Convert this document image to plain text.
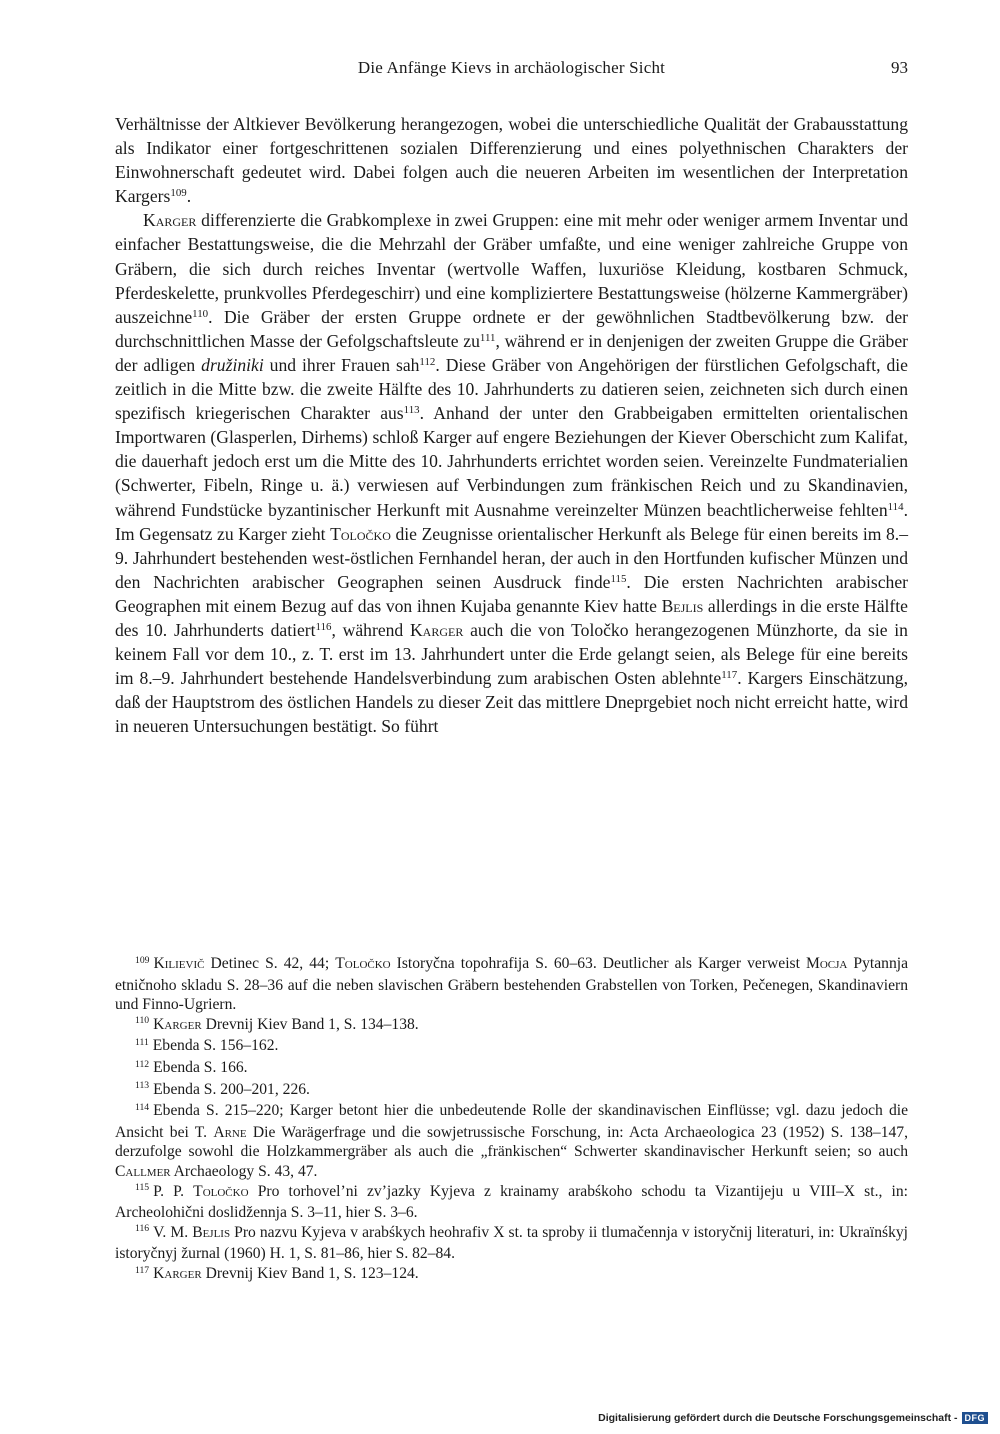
Die Anfänge Kievs in archäologischer Sicht	93

Verhältnisse der Altkiever Bevölkerung herangezogen, wobei die unterschiedliche Qualität der Grabausstattung als Indikator einer fortgeschrittenen sozialen Differenzierung und eines polyethnischen Charakters der Einwohnerschaft gedeutet wird. Dabei folgen auch die neueren Arbeiten im wesentlichen der Interpretation Kargers$^{109}$.

Karger differenzierte die Grabkomplexe in zwei Gruppen: eine mit mehr oder weniger armem Inventar und einfacher Bestattungsweise, die die Mehrzahl der Gräber umfaßte, und eine weniger zahlreiche Gruppe von Gräbern, die sich durch reiches Inventar (wertvolle Waffen, luxuriöse Kleidung, kostbaren Schmuck, Pferdeskelette, prunkvolles Pferdegeschirr) und eine kompliziertere Bestattungsweise (hölzerne Kammergräber) auszeichne$^{110}$. Die Gräber der ersten Gruppe ordnete er der gewöhnlichen Stadtbevölkerung bzw. der durchschnittlichen Masse der Gefolgschaftsleute $zu^{111}$, während er in denjenigen der zweiten Gruppe die Gräber der adligen družiniki und ihrer Frauen sah$^{112}$. Diese Gräber von Angehörigen der fürstlichen Gefolgschaft, die zeitlich in die Mitte bzw. die zweite Hälfte des 10. Jahrhunderts zu datieren seien, zeichneten sich durch einen spezifisch kriegerischen Charakter aus$^{113}$. Anhand der unter den Grabbeigaben ermittelten orientalischen Importwaren (Glasperlen, Dirhems) schloß Karger auf engere Beziehungen der Kiever Oberschicht zum Kalifat, die dauerhaft jedoch erst um die Mitte des 10. Jahrhunderts errichtet worden seien. Vereinzelte Fundmaterialien (Schwerter, Fibeln, Ringe u. ä.) verwiesen auf Verbindungen zum fränkischen Reich und zu Skandinavien, während Fundstücke byzantinischer Herkunft mit Ausnahme vereinzelter Münzen beachtlicherweise fehlten$^{114}$. Im Gegensatz zu Karger zieht Toločko die Zeugnisse orientalischer Herkunft als Belege für einen bereits im 8.–9. Jahrhundert bestehenden west-östlichen Fernhandel heran, der auch in den Hortfunden kufischer Münzen und den Nachrichten arabischer Geographen seinen Ausdruck finde$^{115}$. Die ersten Nachrichten arabischer Geographen mit einem Bezug auf das von ihnen Kujaba genannte Kiev hatte Bejlis allerdings in die erste Hälfte des 10. Jahrhunderts datiert$^{116}$, während Karger auch die von Toločko herangezogenen Münzhorte, da sie in keinem Fall vor dem 10., z. T. erst im 13. Jahrhundert unter die Erde gelangt seien, als Belege für eine bereits im 8.–9. Jahrhundert bestehende Handelsverbindung zum arabischen Osten ablehnte$^{117}$. Kargers Einschätzung, daß der Hauptstrom des östlichen Handels zu dieser Zeit das mittlere Dneprgebiet noch nicht erreicht hatte, wird in neueren Untersuchungen bestätigt. So führt

$^{109}$ Kilievič Detinec S. 42, 44; Toločko Istoryčna topohrafija S. 60–63. Deutlicher als Karger verweist Mocja Pytannja etničnoho skladu S. 28–36 auf die neben slavischen Gräbern bestehenden Grabstellen von Torken, Pečenegen, Skandinaviern und Finno-Ugriern.

$^{110}$ Karger Drevnij Kiev Band 1, S. 134–138.

$^{111}$ Ebenda S. 156–162.

$^{112}$ Ebenda S. 166.

$^{113}$ Ebenda S. 200–201, 226.

$^{114}$ Ebenda S. 215–220; Karger betont hier die unbedeutende Rolle der skandinavischen Einflüsse; vgl. dazu jedoch die Ansicht bei T. Arne Die Warägerfrage und die sowjetrussische Forschung, in: Acta Archaeologica 23 (1952) S. 138–147, derzufolge sowohl die Holzkammergräber als auch die „fränkischen“ Schwerter skandinavischer Herkunft seien; so auch Callmer Archaeology S. 43, 47.

$^{115}$ P. P. Toločko Pro torhovel’ni zv’jazky Kyjeva z krainamy arabśkoho schodu ta Vizantijeju u VIII–X st., in: Archeolohični doslidžennja S. 3–11, hier S. 3–6.

$^{116}$ V. M. Bejlis Pro nazvu Kyjeva v arabśkych heohrafiv X st. ta sproby ii tlumačennja v istoryčnij literaturi, in: Ukraïnśkyj istoryčnyj žurnal (1960) H. 1, S. 81–86, hier S. 82–84.

$^{117}$ Karger Drevnij Kiev Band 1, S. 123–124.

Digitalisierung gefördert durch die Deutsche Forschungsgemeinschaft - DFG
